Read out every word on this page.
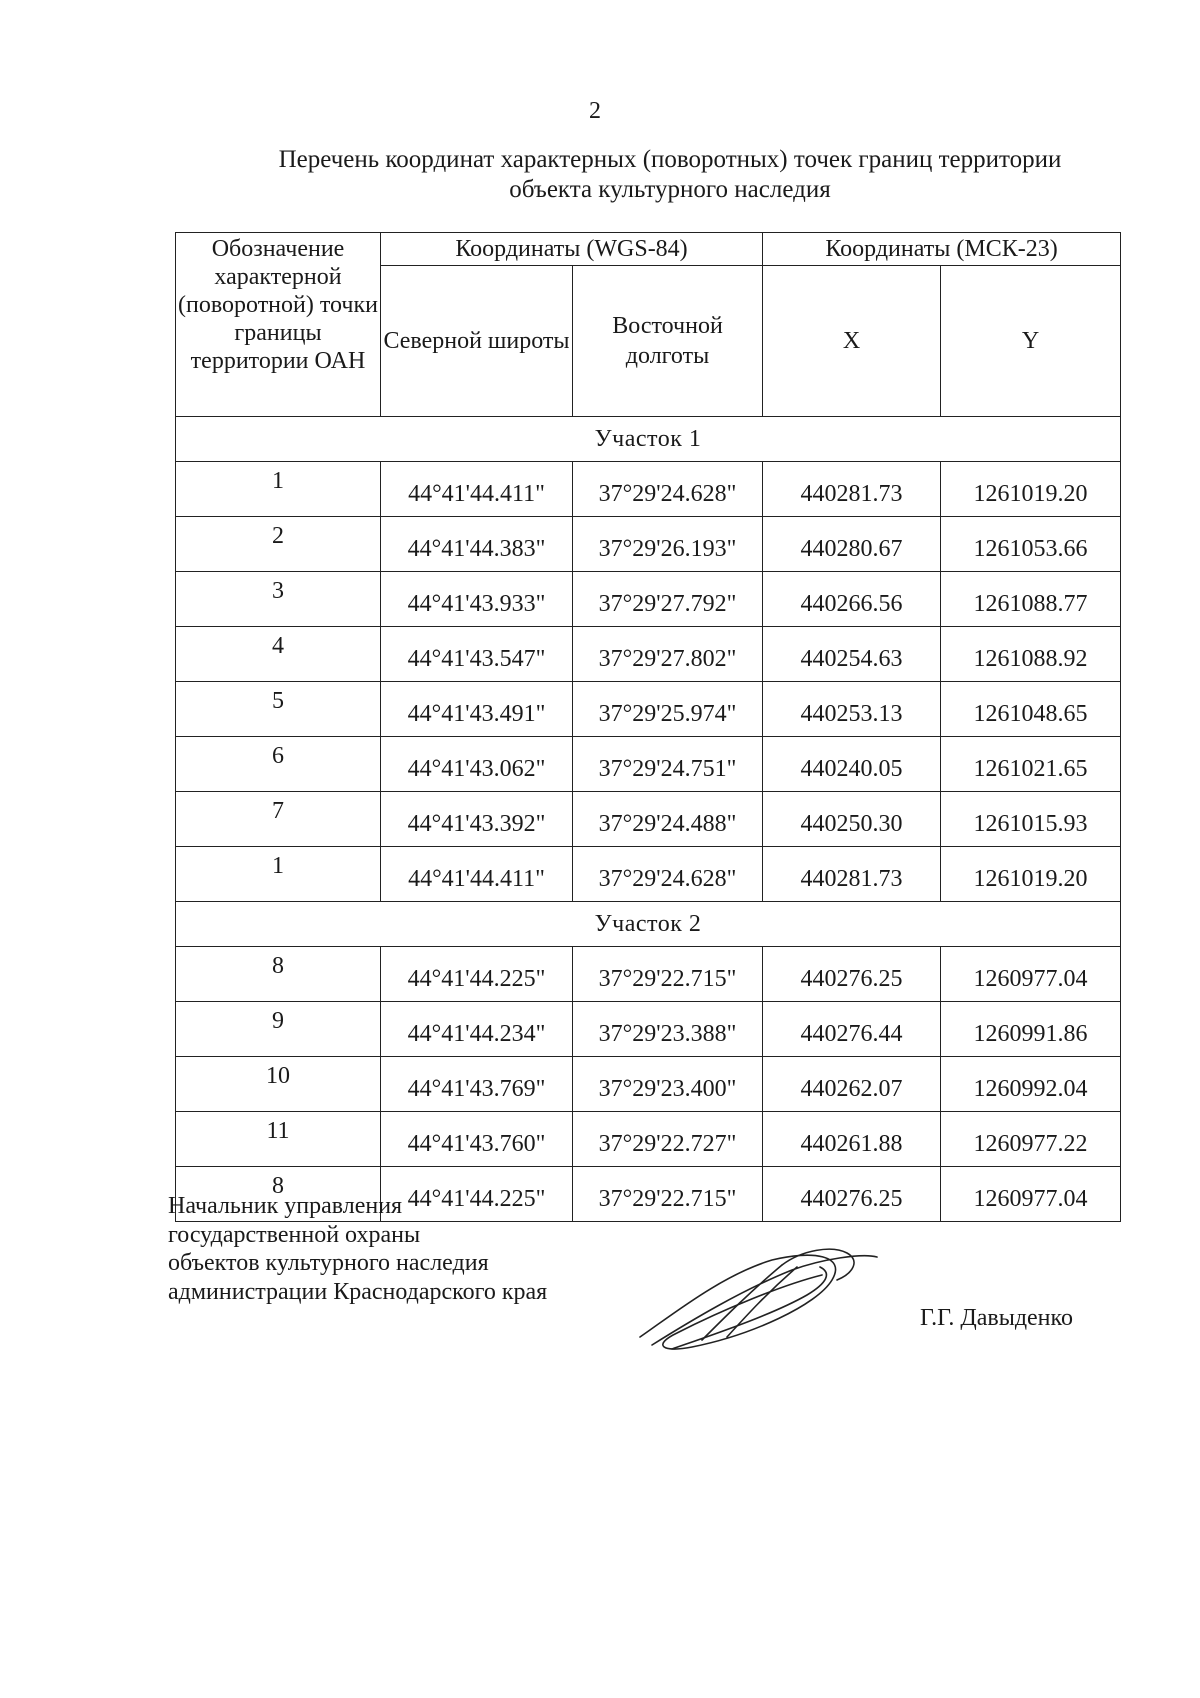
2
Перечень координат характерных (поворотных) точек границ территории
объекта культурного наследия
Обозначение характерной (поворотной) точки границы территории ОАН	Координаты (WGS-84)		Координаты (МСК-23)	
	Северной широты	Восточной долготы	X	Y
Участок 1				
1	44°41'44.411"	37°29'24.628"	440281.73	1261019.20
2	44°41'44.383"	37°29'26.193"	440280.67	1261053.66
3	44°41'43.933"	37°29'27.792"	440266.56	1261088.77
4	44°41'43.547"	37°29'27.802"	440254.63	1261088.92
5	44°41'43.491"	37°29'25.974"	440253.13	1261048.65
6	44°41'43.062"	37°29'24.751"	440240.05	1261021.65
7	44°41'43.392"	37°29'24.488"	440250.30	1261015.93
1	44°41'44.411"	37°29'24.628"	440281.73	1261019.20
Участок 2				
8	44°41'44.225"	37°29'22.715"	440276.25	1260977.04
9	44°41'44.234"	37°29'23.388"	440276.44	1260991.86
10	44°41'43.769"	37°29'23.400"	440262.07	1260992.04
11	44°41'43.760"	37°29'22.727"	440261.88	1260977.22
8	44°41'44.225"	37°29'22.715"	440276.25	1260977.04
Начальник управления
государственной охраны
объектов культурного наследия
администрации Краснодарского края
Г.Г. Давыденко
